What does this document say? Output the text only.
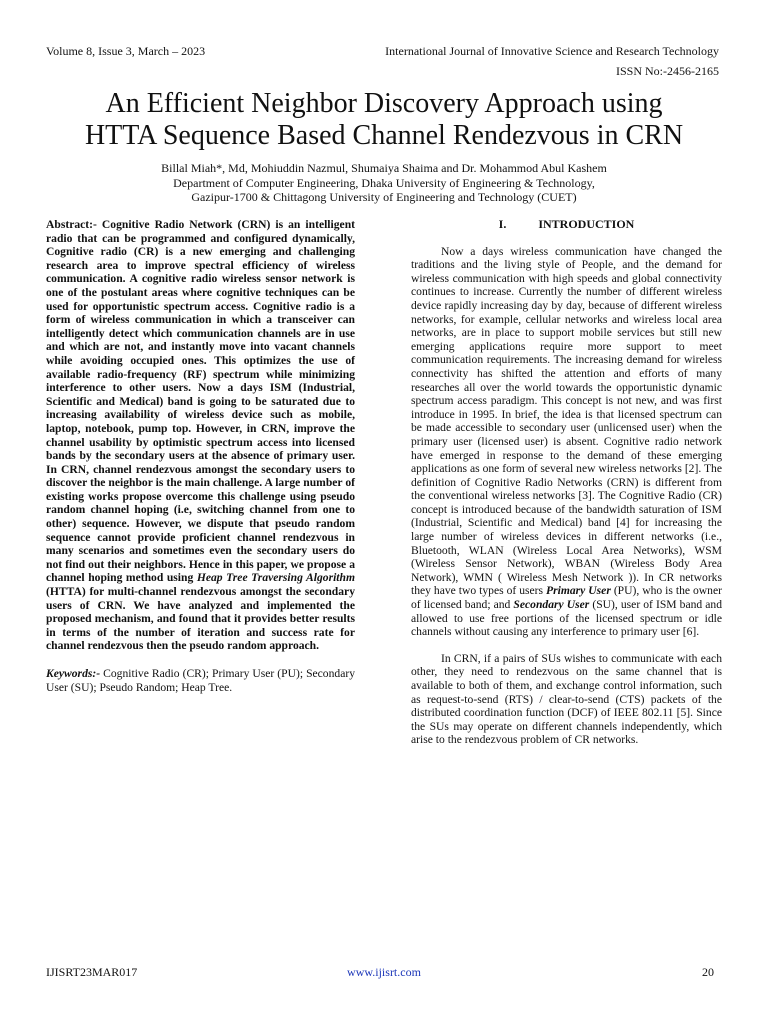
Volume 8, Issue 3, March – 2023	International Journal of Innovative Science and Research Technology
ISSN No:-2456-2165
An Efficient Neighbor Discovery Approach using
HTTA Sequence Based Channel Rendezvous in CRN
Billal Miah*, Md, Mohiuddin Nazmul, Shumaiya Shaima and Dr. Mohammod Abul Kashem
Department of Computer Engineering, Dhaka University of Engineering & Technology,
Gazipur-1700 & Chittagong University of Engineering and Technology (CUET)

Abstract:- Cognitive Radio Network (CRN) is an intelligent radio that can be programmed and configured dynamically, Cognitive radio (CR) is a new emerging and challenging research area to improve spectral efficiency of wireless communication. A cognitive radio wireless sensor network is one of the postulant areas where cognitive techniques can be used for opportunistic spectrum access. Cognitive radio is a form of wireless communication in which a transceiver can intelligently detect which communication channels are in use and which are not, and instantly move into vacant channels while avoiding occupied ones. This optimizes the use of available radio-frequency (RF) spectrum while minimizing interference to other users. Now a days ISM (Industrial, Scientific and Medical) band is going to be saturated due to increasing availability of wireless device such as mobile, laptop, notebook, pump top. However, in CRN, improve the channel usability by optimistic spectrum access into licensed bands by the secondary users at the absence of primary user. In CRN, channel rendezvous amongst the secondary users to discover the neighbor is the main challenge. A large number of existing works propose overcome this challenge using pseudo random channel hoping (i.e, switching channel from one to other) sequence. However, we dispute that pseudo random sequence cannot provide proficient channel rendezvous in many scenarios and sometimes even the secondary users do not find out their neighbors. Hence in this paper, we propose a channel hoping method using Heap Tree Traversing Algorithm (HTTA) for multi-channel rendezvous amongst the secondary users of CRN. We have analyzed and implemented the proposed mechanism, and found that it provides better results in terms of the number of iteration and success rate for channel rendezvous then the pseudo random approach.

Keywords:- Cognitive Radio (CR); Primary User (PU); Secondary User (SU); Pseudo Random; Heap Tree.

I.	INTRODUCTION

Now a days wireless communication have changed the traditions and the living style of People, and the demand for wireless communication with high speeds and global connectivity continues to increase. Currently the number of different wireless device rapidly increasing day by day, because of different wireless networks, for example, cellular networks and wireless local area networks, are in place to support mobile services but still new emerging applications require more support to meet communication requirements. The increasing demand for wireless connectivity has shifted the attention and efforts of many researches all over the world towards the opportunistic dynamic spectrum access paradigm. This concept is not new, and was first introduce in 1995. In brief, the idea is that licensed spectrum can be made accessible to secondary user (unlicensed user) when the primary user (licensed user) is absent. Cognitive radio network have emerged in response to the demand of these emerging applications as one form of several new wireless networks [2]. The definition of Cognitive Radio Networks (CRN) is different from the conventional wireless networks [3]. The Cognitive Radio (CR) concept is introduced because of the bandwidth saturation of ISM (Industrial, Scientific and Medical) band [4] for increasing the large number of wireless devices in different networks (i.e., Bluetooth, WLAN (Wireless Local Area Networks), WSM (Wireless Sensor Network), WBAN (Wireless Body Area Network), WMN ( Wireless Mesh Network )). In CR networks they have two types of users Primary User (PU), who is the owner of licensed band; and Secondary User (SU), user of ISM band and allowed to use free portions of the licensed spectrum or idle channels without causing any interference to primary user [6].

In CRN, if a pairs of SUs wishes to communicate with each other, they need to rendezvous on the same channel that is available to both of them, and exchange control information, such as request-to-send (RTS) / clear-to-send (CTS) packets of the distributed coordination function (DCF) of IEEE 802.11 [5]. Since the SUs may operate on different channels independently, which arise to the rendezvous problem of CR networks.

IJISRT23MAR017	www.ijisrt.com	20
